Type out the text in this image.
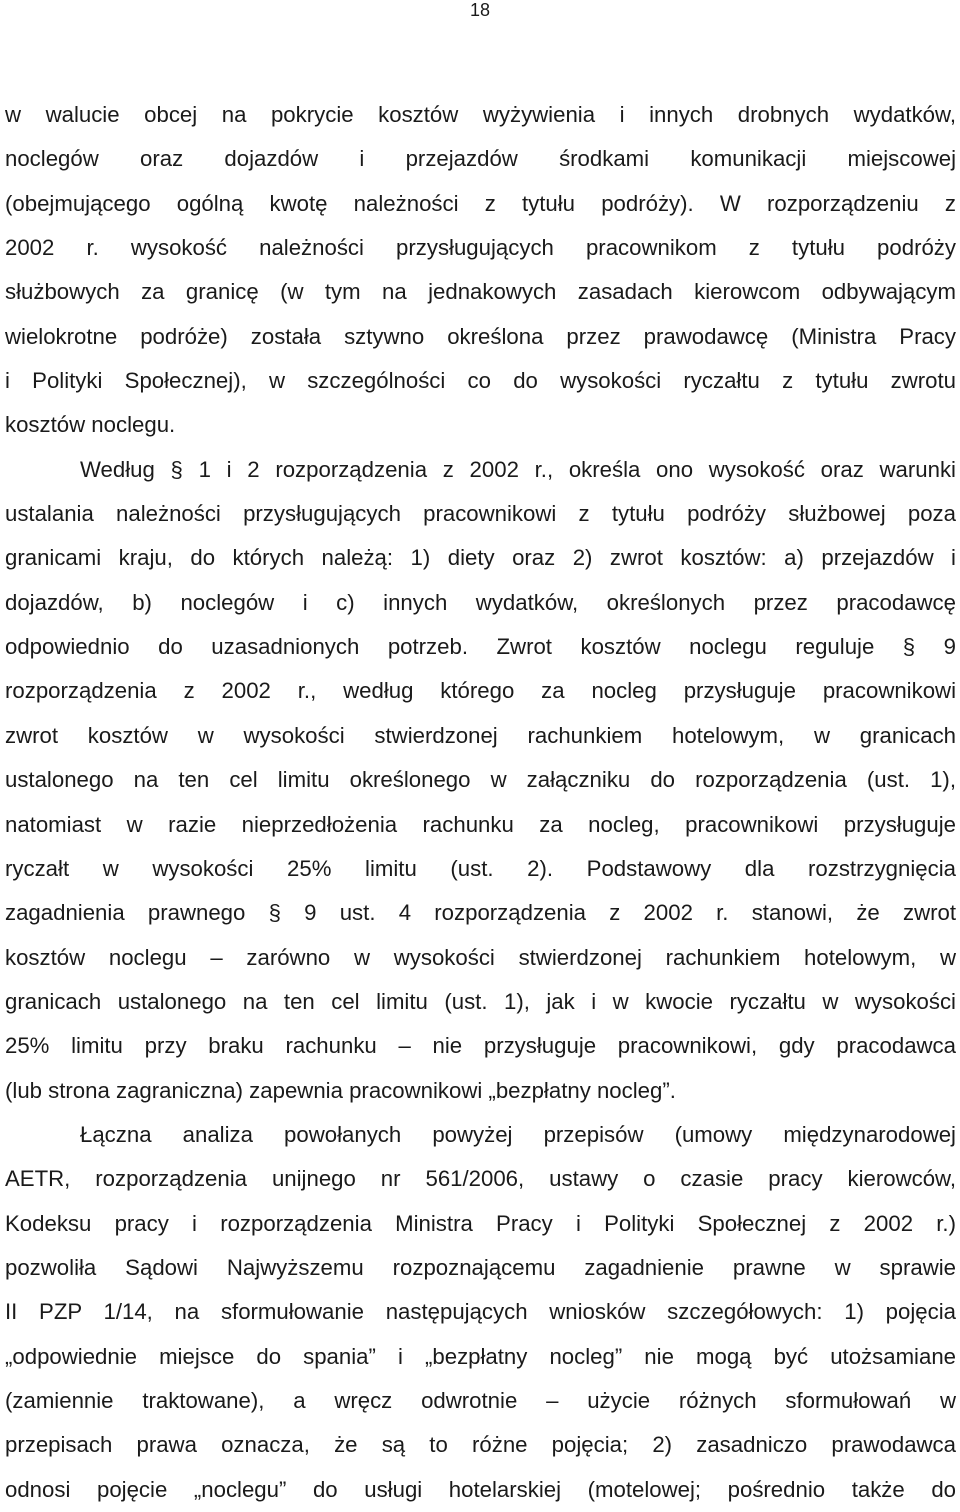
18
w walucie obcej na pokrycie kosztów wyżywienia i innych drobnych wydatków,
noclegów oraz dojazdów i przejazdów środkami komunikacji miejscowej
(obejmującego ogólną kwotę należności z tytułu podróży). W rozporządzeniu z
2002 r. wysokość należności przysługujących pracownikom z tytułu podróży
służbowych za granicę (w tym na jednakowych zasadach kierowcom odbywającym
wielokrotne podróże) została sztywno określona przez prawodawcę (Ministra Pracy
i Polityki Społecznej), w szczególności co do wysokości ryczałtu z tytułu zwrotu
kosztów noclegu.
Według § 1 i 2 rozporządzenia z 2002 r., określa ono wysokość oraz warunki
ustalania należności przysługujących pracownikowi z tytułu podróży służbowej poza
granicami kraju, do których należą: 1) diety oraz 2) zwrot kosztów: a) przejazdów i
dojazdów, b) noclegów i c) innych wydatków, określonych przez pracodawcę
odpowiednio do uzasadnionych potrzeb. Zwrot kosztów noclegu reguluje § 9
rozporządzenia z 2002 r., według którego za nocleg przysługuje pracownikowi
zwrot kosztów w wysokości stwierdzonej rachunkiem hotelowym, w granicach
ustalonego na ten cel limitu określonego w załączniku do rozporządzenia (ust. 1),
natomiast w razie nieprzedłożenia rachunku za nocleg, pracownikowi przysługuje
ryczałt w wysokości 25% limitu (ust. 2). Podstawowy dla rozstrzygnięcia
zagadnienia prawnego § 9 ust. 4 rozporządzenia z 2002 r. stanowi, że zwrot
kosztów noclegu – zarówno w wysokości stwierdzonej rachunkiem hotelowym, w
granicach ustalonego na ten cel limitu (ust. 1), jak i w kwocie ryczałtu w wysokości
25% limitu przy braku rachunku – nie przysługuje pracownikowi, gdy pracodawca
(lub strona zagraniczna) zapewnia pracownikowi „bezpłatny nocleg”.
Łączna analiza powołanych powyżej przepisów (umowy międzynarodowej
AETR, rozporządzenia unijnego nr 561/2006, ustawy o czasie pracy kierowców,
Kodeksu pracy i rozporządzenia Ministra Pracy i Polityki Społecznej z 2002 r.)
pozwoliła Sądowi Najwyższemu rozpoznającemu zagadnienie prawne w sprawie
II PZP 1/14, na sformułowanie następujących wniosków szczegółowych: 1) pojęcia
„odpowiednie miejsce do spania” i „bezpłatny nocleg” nie mogą być utożsamiane
(zamiennie traktowane), a wręcz odwrotnie – użycie różnych sformułowań w
przepisach prawa oznacza, że są to różne pojęcia; 2) zasadniczo prawodawca
odnosi pojęcie „noclegu” do usługi hotelarskiej (motelowej; pośrednio także do
